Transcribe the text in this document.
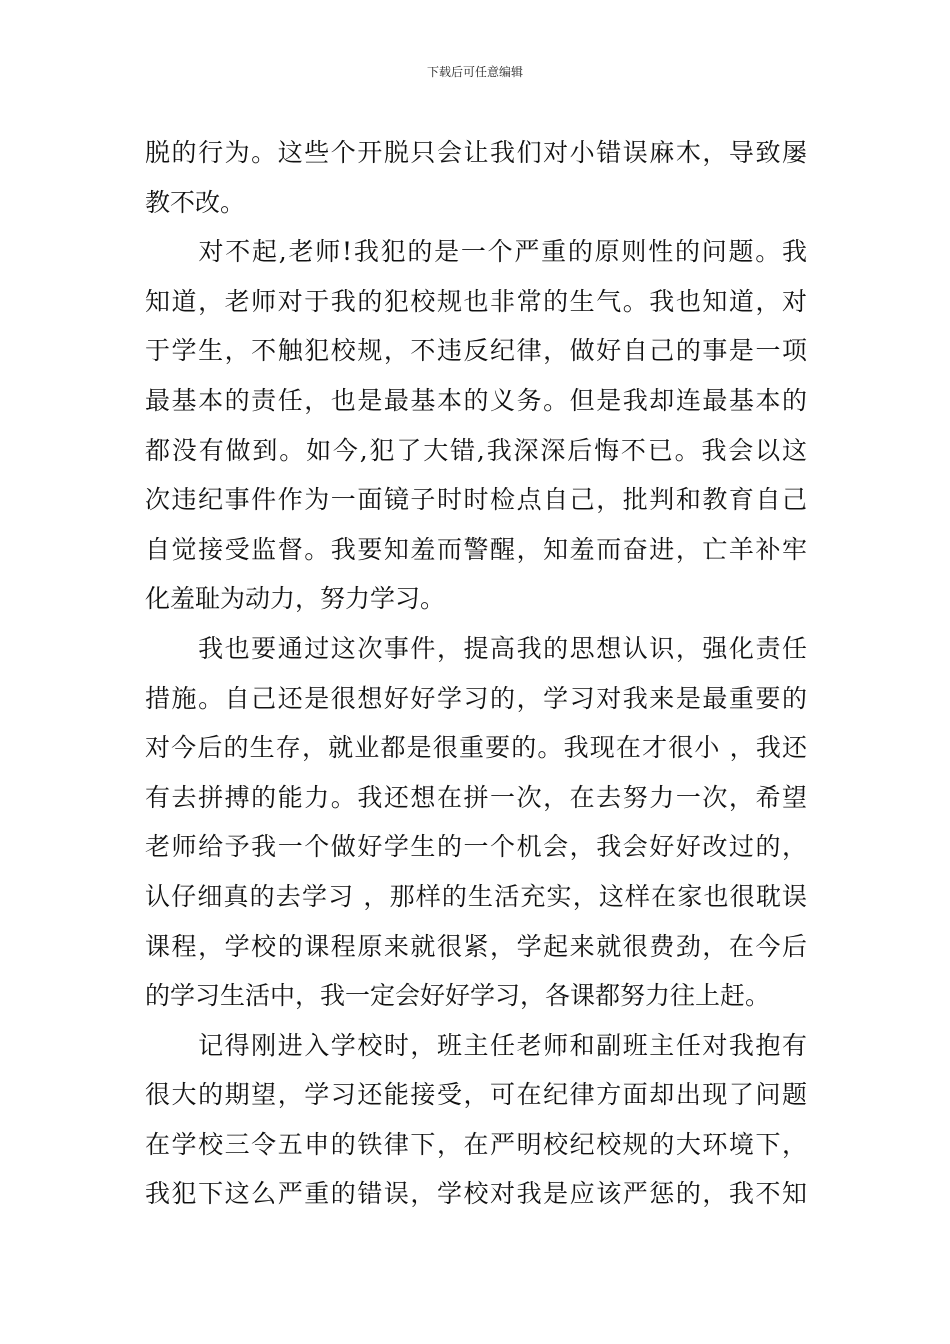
下载后可任意编辑
脱的行为。这些个开脱只会让我们对小错误麻木，导致屡
教不改。
　　对不起,老师!我犯的是一个严重的原则性的问题。我
知道，老师对于我的犯校规也非常的生气。我也知道，对
于学生，不触犯校规，不违反纪律，做好自己的事是一项
最基本的责任，也是最基本的义务。但是我却连最基本的
都没有做到。如今,犯了大错,我深深后悔不已。我会以这
次违纪事件作为一面镜子时时检点自己，批判和教育自己
自觉接受监督。我要知羞而警醒，知羞而奋进，亡羊补牢
化羞耻为动力，努力学习。
　　我也要通过这次事件，提高我的思想认识，强化责任
措施。自己还是很想好好学习的，学习对我来是最重要的
对今后的生存，就业都是很重要的。我现在才很小 ，我还
有去拼搏的能力。我还想在拼一次，在去努力一次，希望
老师给予我一个做好学生的一个机会，我会好好改过的，
认仔细真的去学习 ，那样的生活充实，这样在家也很耽误
课程，学校的课程原来就很紧，学起来就很费劲，在今后
的学习生活中，我一定会好好学习，各课都努力往上赶。
　　记得刚进入学校时，班主任老师和副班主任对我抱有
很大的期望，学习还能接受，可在纪律方面却出现了问题
在学校三令五申的铁律下，在严明校纪校规的大环境下，
我犯下这么严重的错误，学校对我是应该严惩的，我不知
